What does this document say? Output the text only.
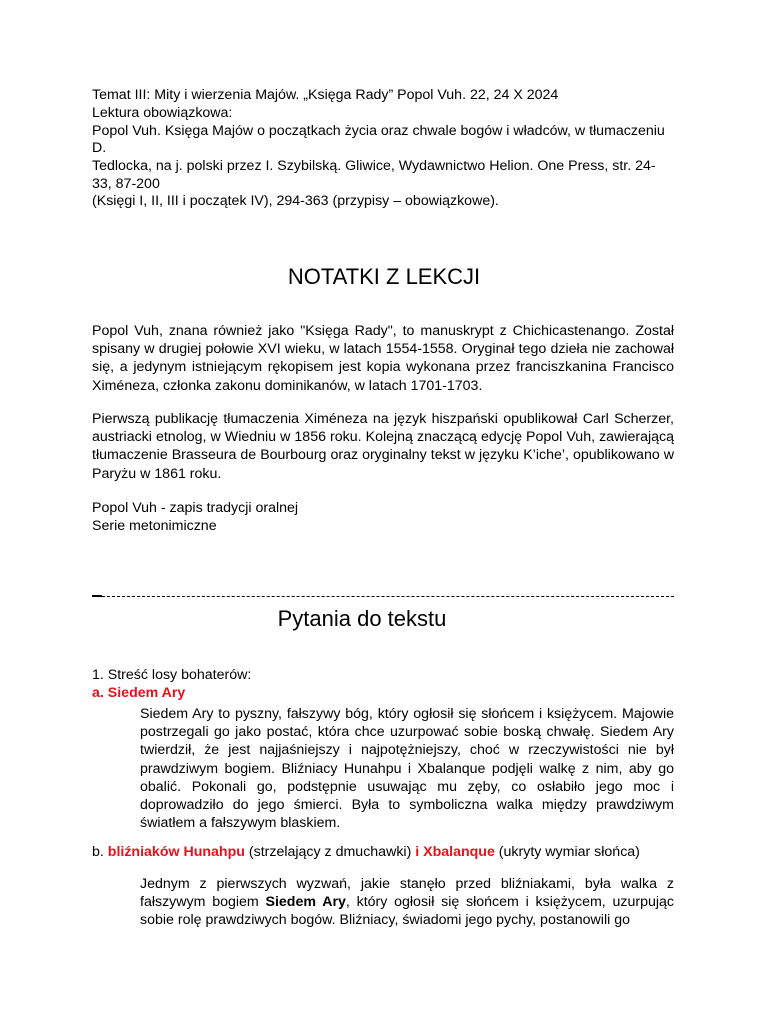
Temat III: Mity i wierzenia Majów. „Księga Rady” Popol Vuh. 22, 24 X 2024
Lektura obowiązkowa:
Popol Vuh. Księga Majów o początkach życia oraz chwale bogów i władców, w tłumaczeniu
D.
Tedlocka, na j. polski przez I. Szybilską. Gliwice, Wydawnictwo Helion. One Press, str. 24-
33, 87-200
(Księgi I, II, III i początek IV), 294-363 (przypisy – obowiązkowe).
NOTATKI Z LEKCJI

Popol Vuh, znana również jako "Księga Rady", to manuskrypt z Chichicastenango. Został spisany w drugiej połowie XVI wieku, w latach 1554-1558. Oryginał tego dzieła nie zachował się, a jedynym istniejącym rękopisem jest kopia wykonana przez franciszkanina Francisco Ximéneza, członka zakonu dominikanów, w latach 1701-1703.

Pierwszą publikację tłumaczenia Ximéneza na język hiszpański opublikował Carl Scherzer, austriacki etnolog, w Wiedniu w 1856 roku. Kolejną znaczącą edycję Popol Vuh, zawierającą tłumaczenie Brasseura de Bourbourg oraz oryginalny tekst w języku K’iche’, opublikowano w Paryżu w 1861 roku.

Popol Vuh - zapis tradycji oralnej
Serie metonimiczne
Pytania do tekstu
1. Streść losy bohaterów:
a. Siedem Ary

Siedem Ary to pyszny, fałszywy bóg, który ogłosił się słońcem i księżycem. Majowie postrzegali go jako postać, która chce uzurpować sobie boską chwałę. Siedem Ary twierdził, że jest najjaśniejszy i najpotężniejszy, choć w rzeczywistości nie był prawdziwym bogiem. Bliźniacy Hunahpu i Xbalanque podjęli walkę z nim, aby go obalić. Pokonali go, podstępnie usuwając mu zęby, co osłabiło jego moc i doprowadziło do jego śmierci. Była to symboliczna walka między prawdziwym światłem a fałszywym blaskiem.

b. bliźniaków Hunahpu (strzelający z dmuchawki) i Xbalanque (ukryty wymiar słońca)

Jednym z pierwszych wyzwań, jakie stanęło przed bliźniakami, była walka z fałszywym bogiem Siedem Ary, który ogłosił się słońcem i księżycem, uzurpując sobie rolę prawdziwych bogów. Bliźniacy, świadomi jego pychy, postanowili go
